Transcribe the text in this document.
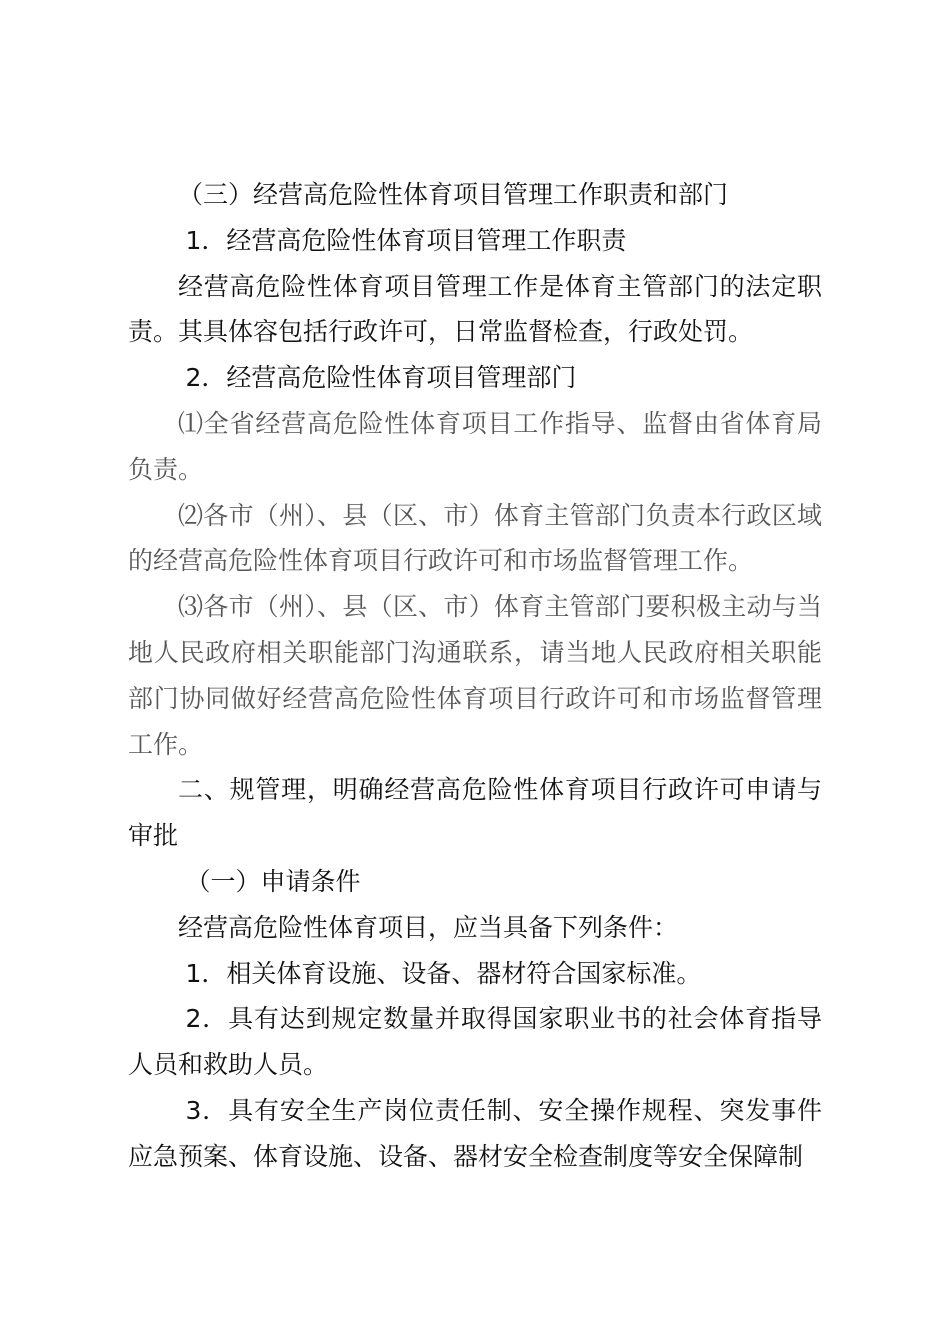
（三）经营高危险性体育项目管理工作职责和部门

1．经营高危险性体育项目管理工作职责

经营高危险性体育项目管理工作是体育主管部门的法定职责。其具体容包括行政许可，日常监督检查，行政处罚。

2．经营高危险性体育项目管理部门

⑴全省经营高危险性体育项目工作指导、监督由省体育局负责。

⑵各市（州）、县（区、市）体育主管部门负责本行政区域的经营高危险性体育项目行政许可和市场监督管理工作。

⑶各市（州）、县（区、市）体育主管部门要积极主动与当地人民政府相关职能部门沟通联系，请当地人民政府相关职能部门协同做好经营高危险性体育项目行政许可和市场监督管理工作。

二、规管理，明确经营高危险性体育项目行政许可申请与审批

（一）申请条件

经营高危险性体育项目，应当具备下列条件：

1．相关体育设施、设备、器材符合国家标准。

2．具有达到规定数量并取得国家职业书的社会体育指导人员和救助人员。

3．具有安全生产岗位责任制、安全操作规程、突发事件应急预案、体育设施、设备、器材安全检查制度等安全保障制
